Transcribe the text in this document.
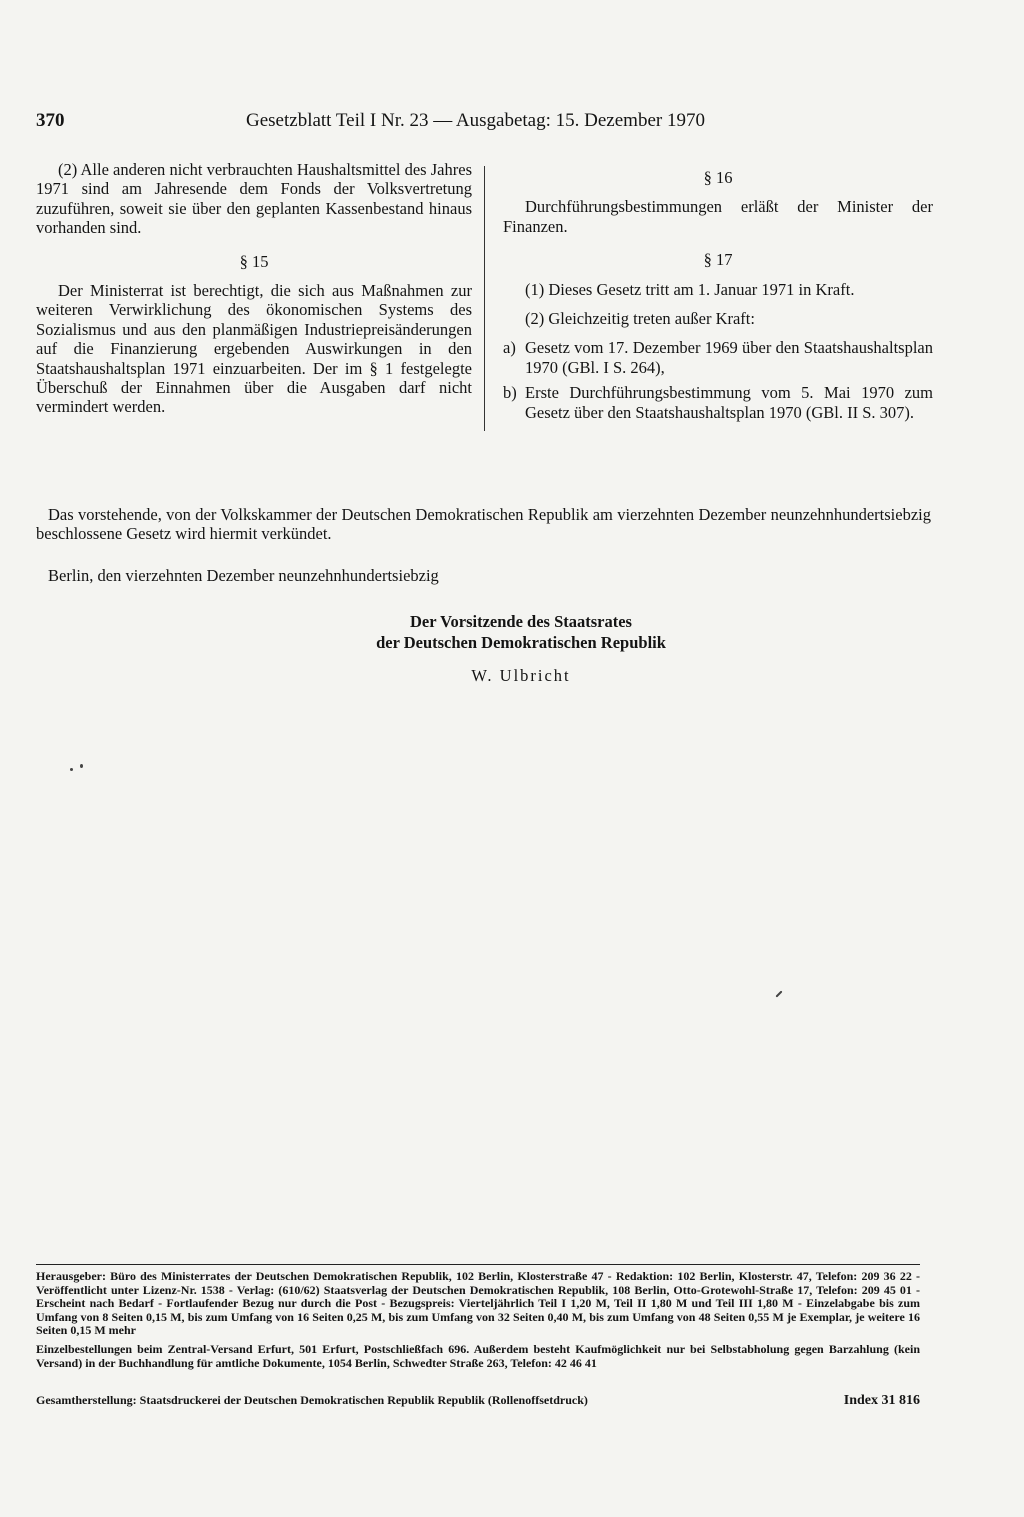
370	Gesetzblatt Teil I Nr. 23 — Ausgabetag: 15. Dezember 1970

(2) Alle anderen nicht verbrauchten Haushaltsmittel des Jahres 1971 sind am Jahresende dem Fonds der Volksvertretung zuzuführen, soweit sie über den geplanten Kassenbestand hinaus vorhanden sind.

§ 15

Der Ministerrat ist berechtigt, die sich aus Maßnahmen zur weiteren Verwirklichung des ökonomischen Systems des Sozialismus und aus den planmäßigen Industriepreisänderungen auf die Finanzierung ergebenden Auswirkungen in den Staatshaushaltsplan 1971 einzuarbeiten. Der im § 1 festgelegte Überschuß der Einnahmen über die Ausgaben darf nicht vermindert werden.

§ 16

Durchführungsbestimmungen erläßt der Minister der Finanzen.

§ 17

(1) Dieses Gesetz tritt am 1. Januar 1971 in Kraft.

(2) Gleichzeitig treten außer Kraft:

a) Gesetz vom 17. Dezember 1969 über den Staatshaushaltsplan 1970 (GBl. I S. 264),
b) Erste Durchführungsbestimmung vom 5. Mai 1970 zum Gesetz über den Staatshaushaltsplan 1970 (GBl. II S. 307).

Das vorstehende, von der Volkskammer der Deutschen Demokratischen Republik am vierzehnten Dezember neunzehnhundertsiebzig beschlossene Gesetz wird hiermit verkündet.

Berlin, den vierzehnten Dezember neunzehnhundertsiebzig
Der Vorsitzende des Staatsrates
der Deutschen Demokratischen Republik
W. Ulbricht

Herausgeber: Büro des Ministerrates der Deutschen Demokratischen Republik, 102 Berlin, Klosterstraße 47 - Redaktion: 102 Berlin, Klosterstr. 47, Telefon: 209 36 22 - Veröffentlicht unter Lizenz-Nr. 1538 - Verlag: (610/62) Staatsverlag der Deutschen Demokratischen Republik, 108 Berlin, Otto-Grotewohl-Straße 17, Telefon: 209 45 01 - Erscheint nach Bedarf - Fortlaufender Bezug nur durch die Post - Bezugspreis: Vierteljährlich Teil I 1,20 M, Teil II 1,80 M und Teil III 1,80 M - Einzelabgabe bis zum Umfang von 8 Seiten 0,15 M, bis zum Umfang von 16 Seiten 0,25 M, bis zum Umfang von 32 Seiten 0,40 M, bis zum Umfang von 48 Seiten 0,55 M je Exemplar, je weitere 16 Seiten 0,15 M mehr

Einzelbestellungen beim Zentral-Versand Erfurt, 501 Erfurt, Postschließfach 696. Außerdem besteht Kaufmöglichkeit nur bei Selbstabholung gegen Barzahlung (kein Versand) in der Buchhandlung für amtliche Dokumente, 1054 Berlin, Schwedter Straße 263, Telefon: 42 46 41

Gesamtherstellung: Staatsdruckerei der Deutschen Demokratischen Republik Republik (Rollenoffsetdruck)	Index 31 816
